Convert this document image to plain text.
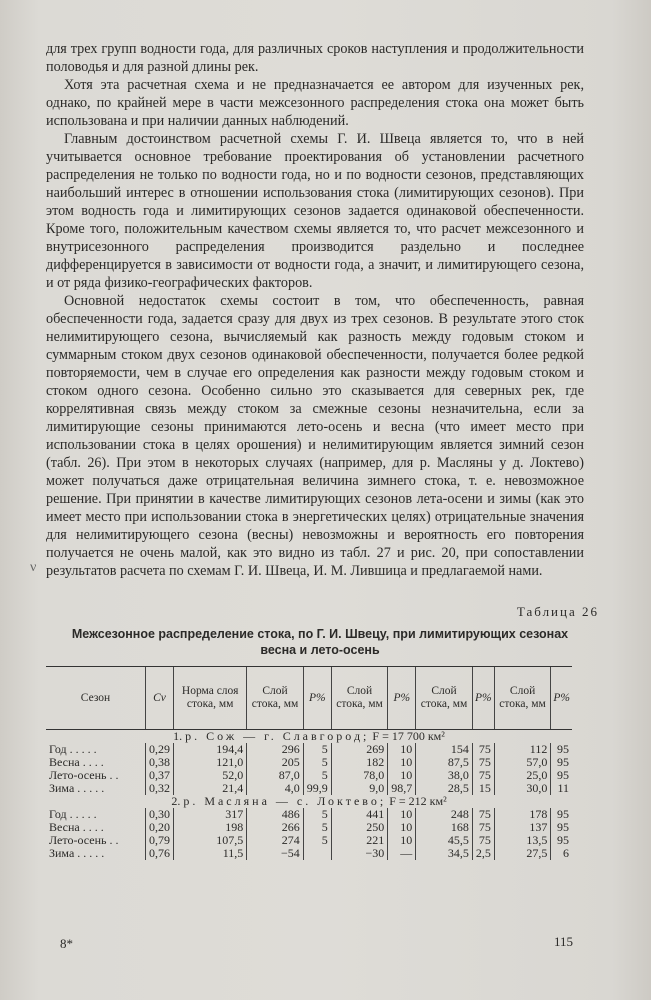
для трех групп водности года, для различных сроков наступления и продолжительности половодья и для разной длины рек.

Хотя эта расчетная схема и не предназначается ее автором для изученных рек, однако, по крайней мере в части межсезонного распределения стока она может быть использована и при наличии данных наблюдений.

Главным достоинством расчетной схемы Г. И. Швеца является то, что в ней учитывается основное требование проектирования об установлении расчетного распределения не только по водности года, но и по водности сезонов, представляющих наибольший интерес в отношении использования стока (лимитирующих сезонов). При этом водность года и лимитирующих сезонов задается одинаковой обеспеченности. Кроме того, положительным качеством схемы является то, что расчет межсезонного и внутрисезонного распределения производится раздельно и последнее дифференцируется в зависимости от водности года, а значит, и лимитирующего сезона, и от ряда физико-географических факторов.

Основной недостаток схемы состоит в том, что обеспеченность, равная обеспеченности года, задается сразу для двух из трех сезонов. В результате этого сток нелимитирующего сезона, вычисляемый как разность между годовым стоком и суммарным стоком двух сезонов одинаковой обеспеченности, получается более редкой повторяемости, чем в случае его определения как разности между годовым стоком и стоком одного сезона. Особенно сильно это сказывается для северных рек, где коррелятивная связь между стоком за смежные сезоны незначительна, если за лимитирующие сезоны принимаются лето-осень и весна (что имеет место при использовании стока в целях орошения) и нелимитирующим является зимний сезон (табл. 26). При этом в некоторых случаях (например, для р. Масляны у д. Локтево) может получаться даже отрицательная величина зимнего стока, т. е. невозможное решение. При принятии в качестве лимитирующих сезонов лета-осени и зимы (как это имеет место при использовании стока в энергетических целях) отрицательные значения для нелимитирующего сезона (весны) невозможны и вероятность его повторения получается не очень малой, как это видно из табл. 27 и рис. 20, при сопоставлении результатов расчета по схемам Г. И. Швеца, И. М. Лившица и предлагаемой нами.

ν
Таблица 26
Межсезонное распределение стока, по Г. И. Швецу, при лимитирующих сезонах весна и лето-осень
Сезон	Cv	Норма слоя стока, мм	Слой стока, мм	P%	Слой стока, мм	P%	Слой стока, мм	P%	Слой стока, мм	P%
1. р. Сож — г. Славгород; F = 17 700 км²										
Год . . . . .	0,29	194,4	296	5	269	10	154	75	112	95
Весна . . . .	0,38	121,0	205	5	182	10	87,5	75	57,0	95
Лето-осень . .	0,37	52,0	87,0	5	78,0	10	38,0	75	25,0	95
Зима . . . . .	0,32	21,4	4,0	99,9	9,0	98,7	28,5	15	30,0	11
2. р. Масляна — с. Локтево; F = 212 км²										
Год . . . . .	0,30	317	486	5	441	10	248	75	178	95
Весна . . . .	0,20	198	266	5	250	10	168	75	137	95
Лето-осень . .	0,79	107,5	274	5	221	10	45,5	75	13,5	95
Зима . . . . .	0,76	11,5	−54		−30	—	34,5	2,5	27,5	6
8*	115
